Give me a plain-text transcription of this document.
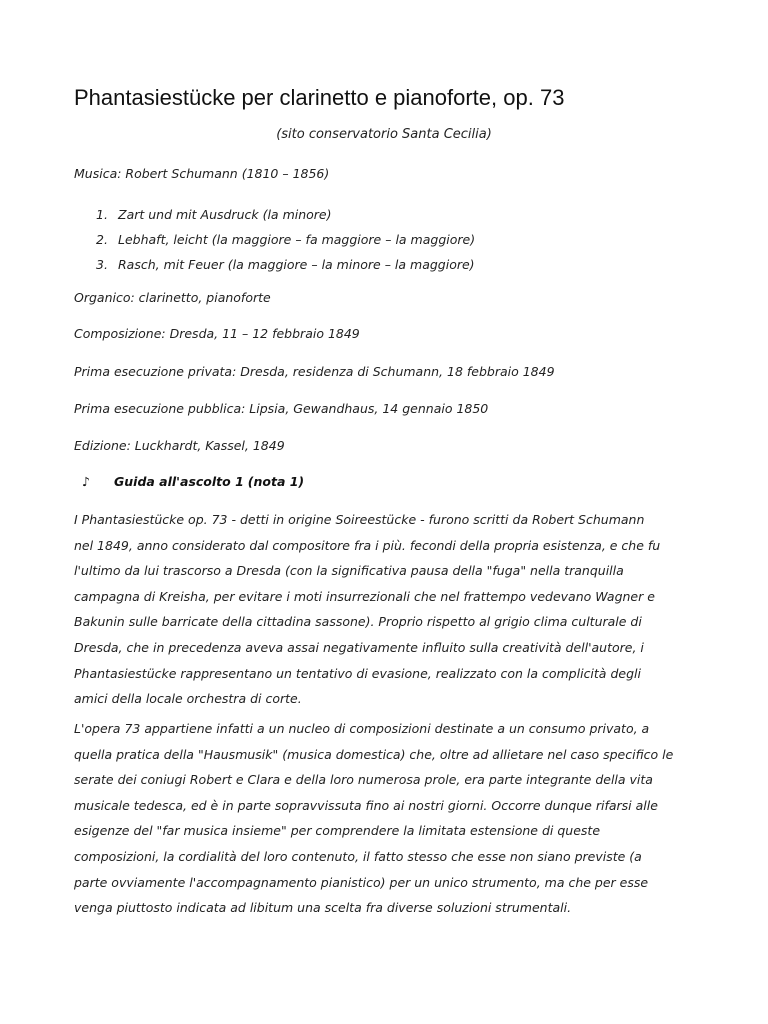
Phantasiestücke per clarinetto e pianoforte, op. 73
(sito conservatorio Santa Cecilia)
Musica: Robert Schumann (1810 – 1856)
1. Zart und mit Ausdruck (la minore)
2. Lebhaft, leicht (la maggiore – fa maggiore – la maggiore)
3. Rasch, mit Feuer (la maggiore – la minore – la maggiore)
Organico: clarinetto, pianoforte
Composizione: Dresda, 11 – 12 febbraio 1849
Prima esecuzione privata: Dresda, residenza di Schumann, 18 febbraio 1849
Prima esecuzione pubblica: Lipsia, Gewandhaus, 14 gennaio 1850
Edizione: Luckhardt, Kassel, 1849
♪ Guida all'ascolto 1 (nota 1)
I Phantasiestücke op. 73 - detti in origine Soireestücke - furono scritti da Robert Schumann
nel 1849, anno considerato dal compositore fra i più. fecondi della propria esistenza, e che fu
l'ultimo da lui trascorso a Dresda (con la significativa pausa della "fuga" nella tranquilla
campagna di Kreisha, per evitare i moti insurrezionali che nel frattempo vedevano Wagner e
Bakunin sulle barricate della cittadina sassone). Proprio rispetto al grigio clima culturale di
Dresda, che in precedenza aveva assai negativamente influito sulla creatività dell'autore, i
Phantasiestücke rappresentano un tentativo di evasione, realizzato con la complicità degli
amici della locale orchestra di corte.
L'opera 73 appartiene infatti a un nucleo di composizioni destinate a un consumo privato, a
quella pratica della "Hausmusik" (musica domestica) che, oltre ad allietare nel caso specifico le
serate dei coniugi Robert e Clara e della loro numerosa prole, era parte integrante della vita
musicale tedesca, ed è in parte sopravvissuta fino ai nostri giorni. Occorre dunque rifarsi alle
esigenze del "far musica insieme" per comprendere la limitata estensione di queste
composizioni, la cordialità del loro contenuto, il fatto stesso che esse non siano previste (a
parte ovviamente l'accompagnamento pianistico) per un unico strumento, ma che per esse
venga piuttosto indicata ad libitum una scelta fra diverse soluzioni strumentali.
